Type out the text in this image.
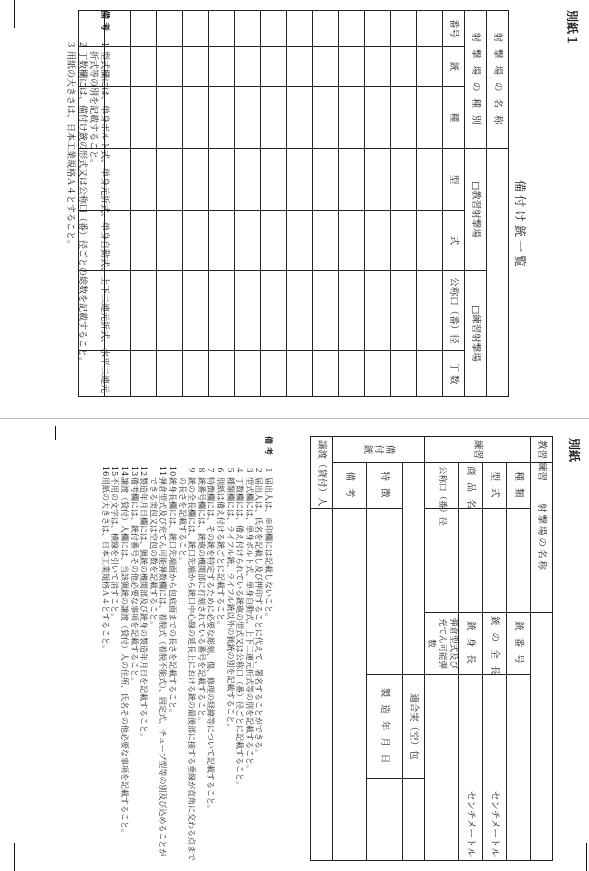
別紙１
備付け銃一覧
射 撃 場 の 名 称						
射 撃 場 の 種 別			□教習射撃場		□練習射撃場	
番号	銃	種	型	式	公称口（番）径	丁 数

備考
１
型式欄には、単身ボルト式、単身元折式、単身自動式、上下二連元折式、水平二連元折式等の別を記載すること。
２
丁数欄には、備付け銃の形式又は公称口（番）径ごとの総数を記載すること。
３
用紙の大きさは、日本工業規格Ａ４とすること。
別紙
教習 練習	射撃場の名称				
練習	種 類		銃 番 号		
	型 式		銃 の 全 長	センチメートル	
	商 品 名		銃 身 長	センチメートル	
	公称口（番）径		弾倉型式及び充てん可能弾数		
備
付
銃				適合実（空）包	
	特 徴			製 造 年 月 日	
	備 考				
譲渡（貸付）人					
備考
１
届出人は、※印欄には記載しないこと。
２
届出人は、氏名を記載し及び押印することに代えて、署名することができる。
３
型式欄には、単身ボルト式、単身自動式、上下二連元折式等の別を記載すること。
４
丁数欄には、備え付けられている銃砲の型式又は公称口（番）径ごとに記載すること。
５
種類欄には、ライフル銃、ライフル銃以外の猟銃の別を記載すること。
６
別紙は備え付ける銃ごとに記載すること。
７
特徴欄には、その銃を特定するために必要な彫刻、傷、修理の経緯等について記載すること。
８
銃番号欄には、銃砲の機関部に打刻されている番号を記載すること。
９
銃の全長欄には、銃口先端から銃口中心線の延長上における銃の最後部に接する垂線が直角に交わる点までの長さを記載すること。
10
銃身長欄には、銃口先端面から包底面までの長さを記載すること。
11
弾倉型式及び充てん可能弾数欄には、着脱式（着脱不能式）、固定式、チューブ型等の別及び込めることができる実包又は空包の数を記載すること。
12
製造年月日欄には、猟銃の機関部及び銃身の製造年月日を記載すること。
13
備考欄には、銃付番号その他必要な事項を記載すること。
14
譲渡（貸付）人欄には、当該猟銃の譲渡（貸付）人の住所、氏名その他必要な事項を記載すること。
15
不用の文字は、横線を引いて消すこと。
16
用紙の大きさは、日本工業規格Ａ４とすること。
